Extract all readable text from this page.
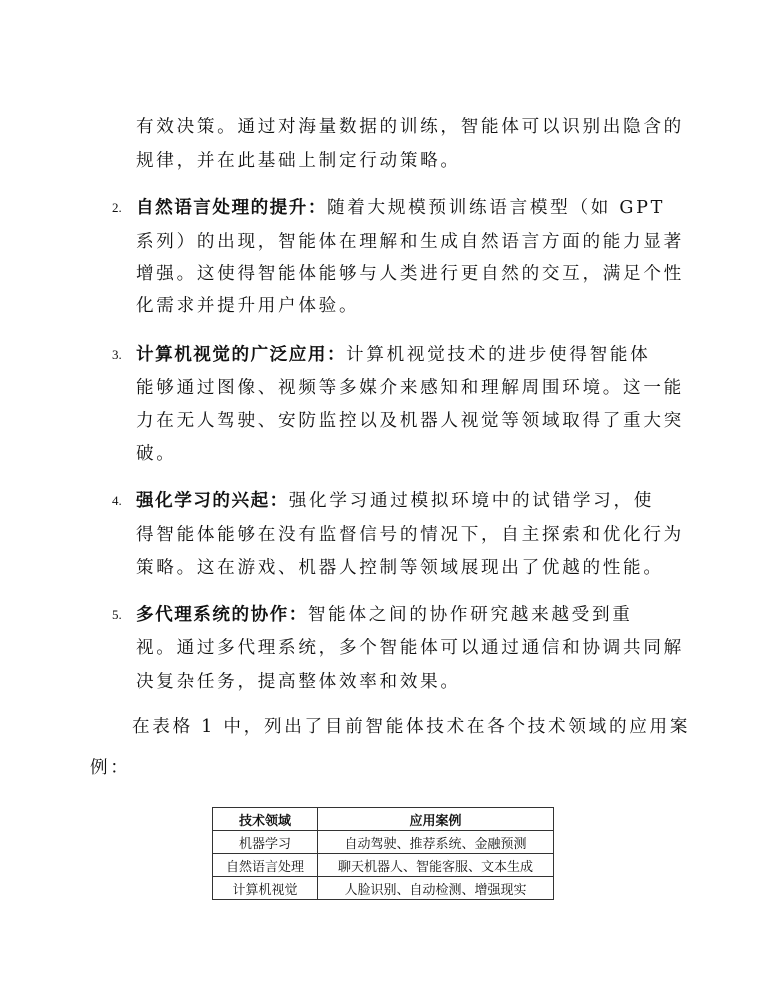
有效决策。通过对海量数据的训练，智能体可以识别出隐含的
规律，并在此基础上制定行动策略。
2. 自然语言处理的提升：随着大规模预训练语言模型（如 GPT
系列）的出现，智能体在理解和生成自然语言方面的能力显著
增强。这使得智能体能够与人类进行更自然的交互，满足个性
化需求并提升用户体验。
3. 计算机视觉的广泛应用：计算机视觉技术的进步使得智能体
能够通过图像、视频等多媒介来感知和理解周围环境。这一能
力在无人驾驶、安防监控以及机器人视觉等领域取得了重大突
破。
4. 强化学习的兴起：强化学习通过模拟环境中的试错学习，使
得智能体能够在没有监督信号的情况下，自主探索和优化行为
策略。这在游戏、机器人控制等领域展现出了优越的性能。
5. 多代理系统的协作：智能体之间的协作研究越来越受到重
视。通过多代理系统，多个智能体可以通过通信和协调共同解
决复杂任务，提高整体效率和效果。
在表格 1 中，列出了目前智能体技术在各个技术领域的应用案
例：
技术领域	应用案例
机器学习	自动驾驶、推荐系统、金融预测
自然语言处理	聊天机器人、智能客服、文本生成
计算机视觉	人脸识别、自动检测、增强现实
